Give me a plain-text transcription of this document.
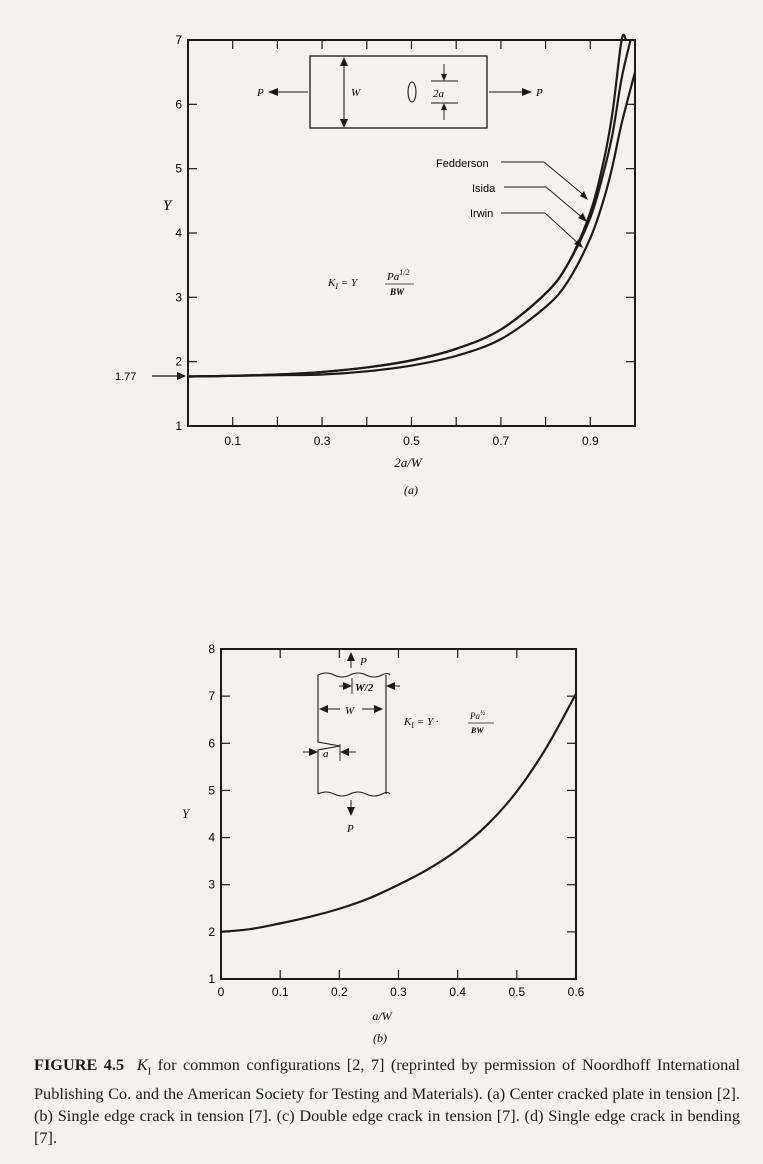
0.1	0.3	0.5	0.7	0.9
1
2
3
4
5
6
7
Y
2a/W
(a)
1.77
P	P
W	2a
$K_I = Y$	$Pa^{1/2}$
BW
Fedderson
Isida
Irwin
0	0.1	0.2	0.3	0.4	0.5	0.6
1
2
3
4
5
6
7
8
Y
a/W
(b)
P
P
W/2
W
a
$K_I = Y$ ·	$Pa^{\frac{1}{2}}$
BW
FIGURE 4.5 $K_I$ for common configurations [2, 7] (reprinted by permission of Noordhoff International Publishing Co. and the American Society for Testing and Materials). (a) Center cracked plate in tension [2]. (b) Single edge crack in tension [7]. (c) Double edge crack in tension [7]. (d) Single edge crack in bending [7].
